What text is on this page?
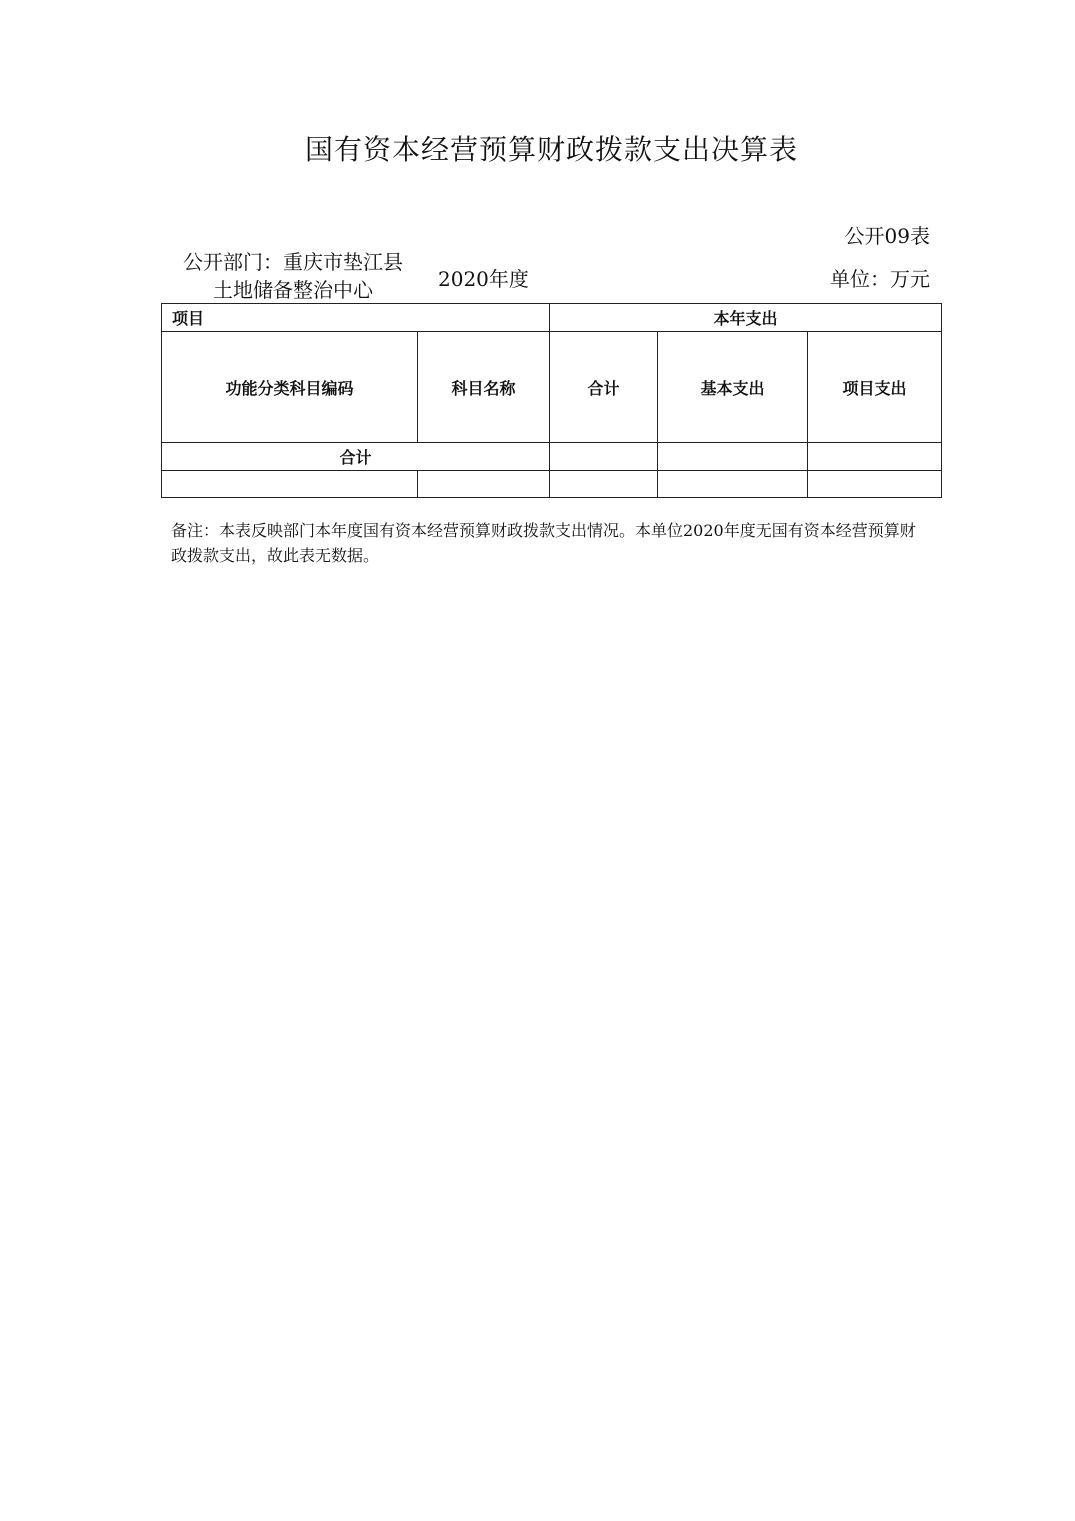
国有资本经营预算财政拨款支出决算表
公开09表
公开部门：重庆市垫江县土地储备整治中心	2020年度	单位：万元
项目		本年支出		
功能分类科目编码	科目名称	合计	基本支出	项目支出
合计				

备注：本表反映部门本年度国有资本经营预算财政拨款支出情况。本单位2020年度无国有资本经营预算财政拨款支出，故此表无数据。
